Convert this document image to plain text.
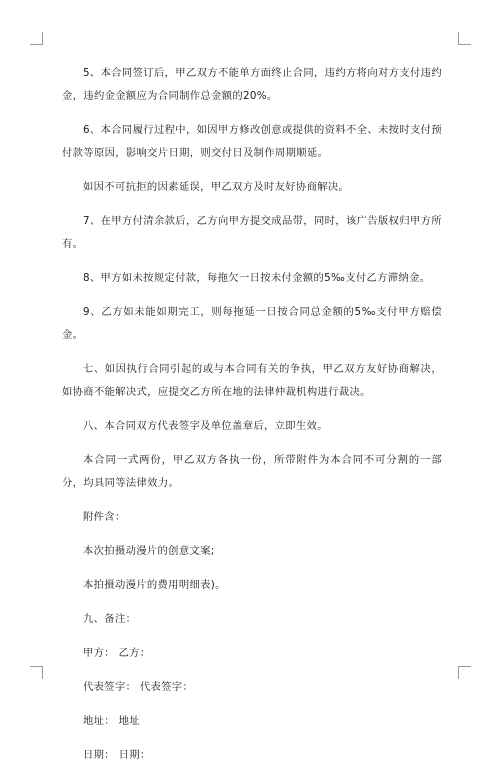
5、本合同签订后，甲乙双方不能单方面终止合同，违约方将向对方支付违约金，违约金金额应为合同制作总金额的20%。

6、本合同履行过程中，如因甲方修改创意或提供的资料不全、未按时支付预付款等原因，影响交片日期，则交付日及制作周期顺延。

如因不可抗拒的因素延误，甲乙双方及时友好协商解决。

7、在甲方付清余款后，乙方向甲方提交成品带，同时，该广告版权归甲方所有。

8、甲方如未按规定付款，每拖欠一日按未付金额的5‰支付乙方滞纳金。

9、乙方如未能如期完工，则每拖延一日按合同总金额的5‰支付甲方赔偿金。

七、如因执行合同引起的或与本合同有关的争执，甲乙双方友好协商解决，如协商不能解决式，应提交乙方所在地的法律仲裁机构进行裁决。

八、本合同双方代表签字及单位盖章后，立即生效。

本合同一式两份，甲乙双方各执一份，所带附件为本合同不可分割的一部分，均具同等法律效力。

附件含：

本次拍摄动漫片的创意文案;

本拍摄动漫片的费用明细表)。

九、备注：

甲方： 乙方：

代表签字： 代表签字：

地址： 地址

日期： 日期：
